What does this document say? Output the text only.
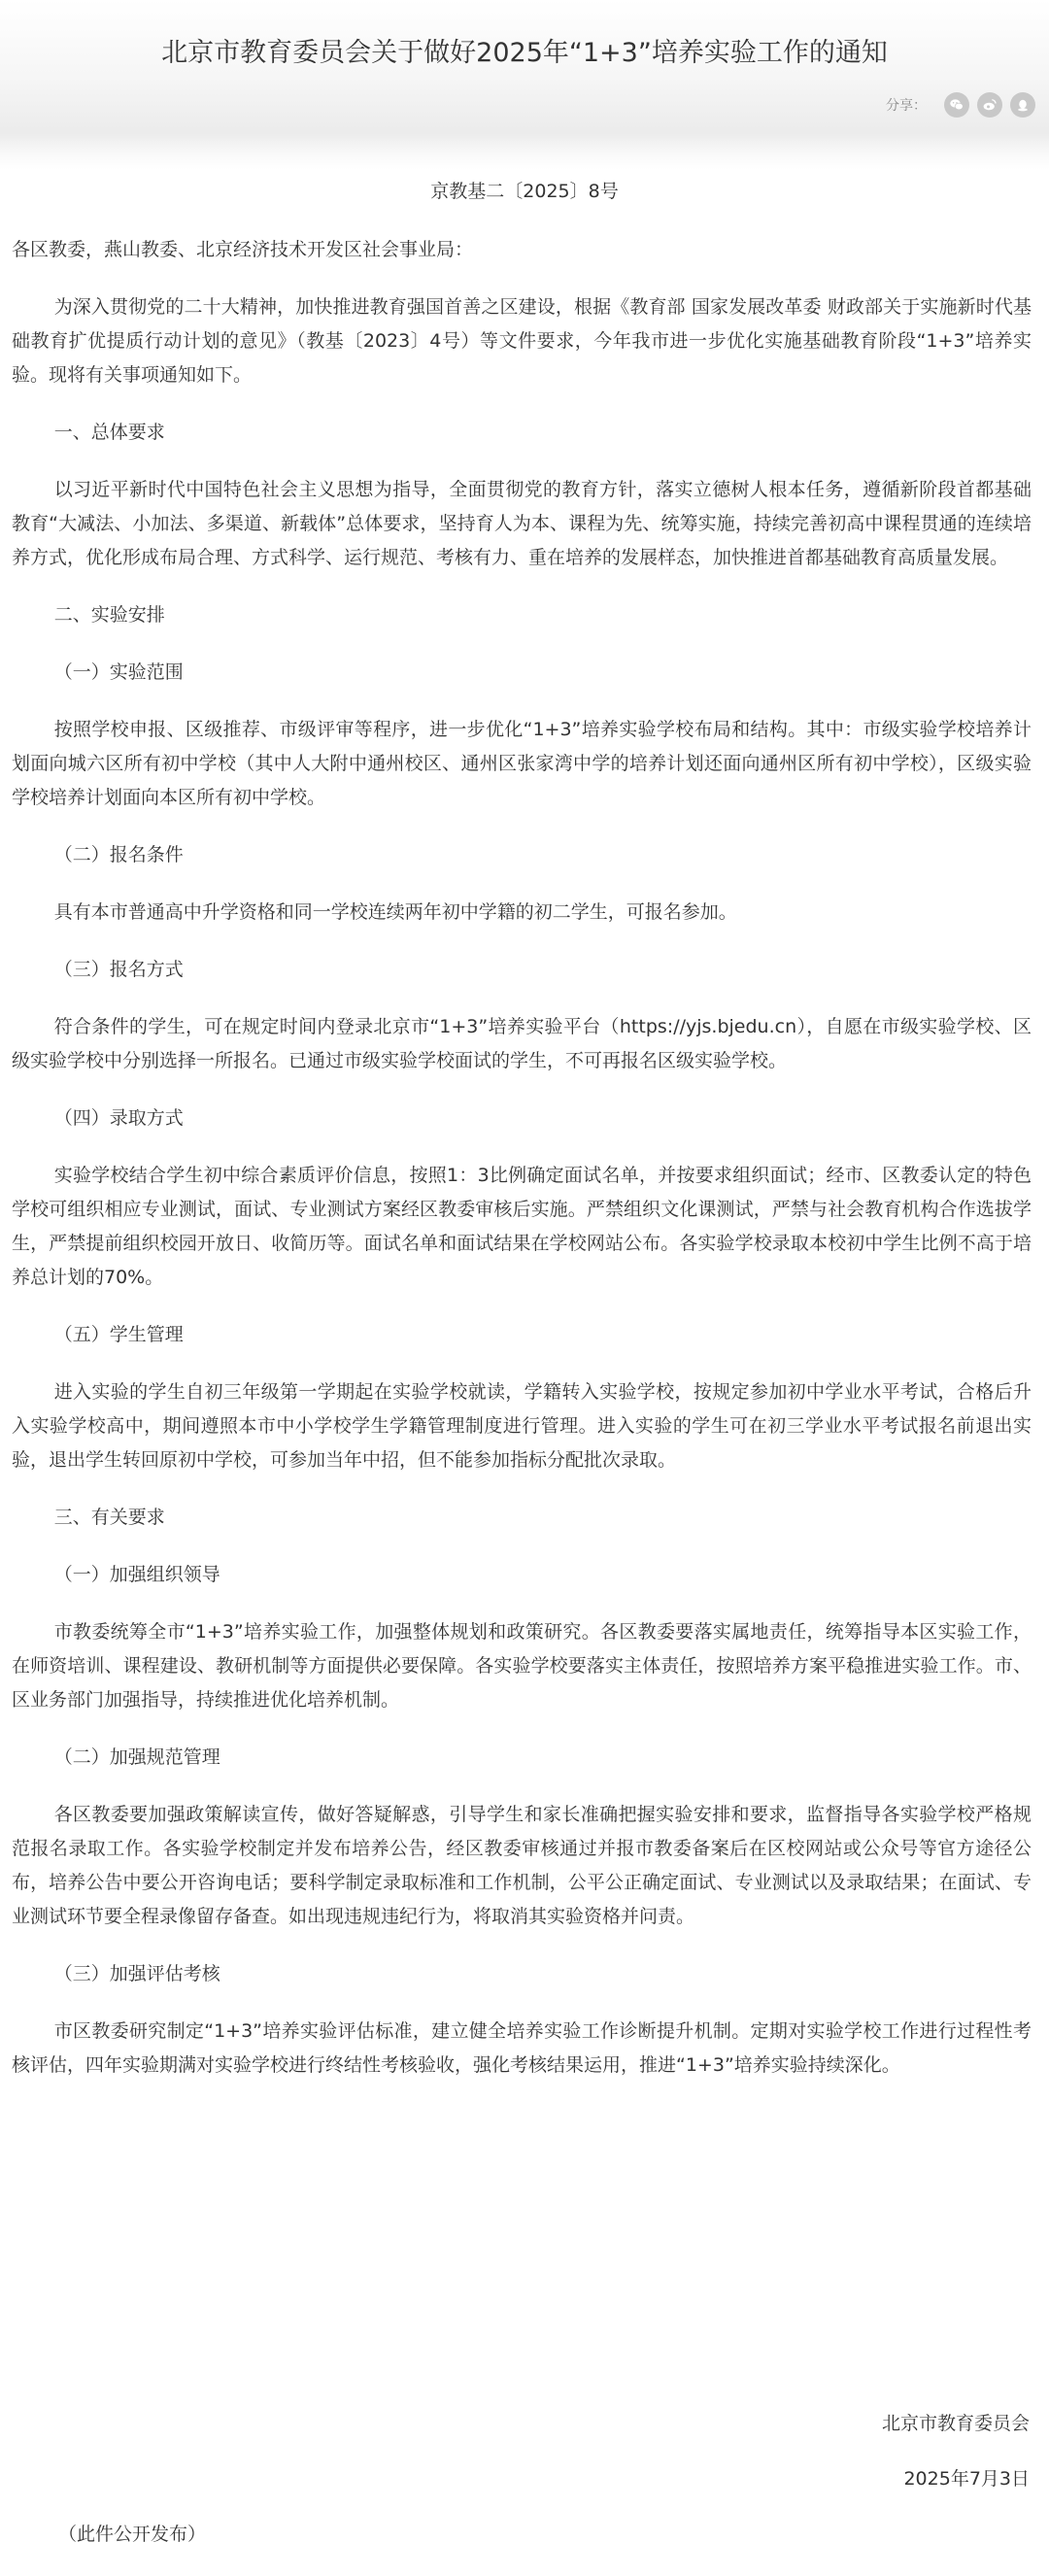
北京市教育委员会关于做好2025年“1+3”培养实验工作的通知
分享：
京教基二〔2025〕8号

各区教委，燕山教委、北京经济技术开发区社会事业局：

为深入贯彻党的二十大精神，加快推进教育强国首善之区建设，根据《教育部 国家发展改革委 财政部关于实施新时代基础教育扩优提质行动计划的意见》（教基〔2023〕4号）等文件要求，今年我市进一步优化实施基础教育阶段“1+3”培养实验。现将有关事项通知如下。

一、总体要求

以习近平新时代中国特色社会主义思想为指导，全面贯彻党的教育方针，落实立德树人根本任务，遵循新阶段首都基础教育“大减法、小加法、多渠道、新载体”总体要求，坚持育人为本、课程为先、统筹实施，持续完善初高中课程贯通的连续培养方式，优化形成布局合理、方式科学、运行规范、考核有力、重在培养的发展样态，加快推进首都基础教育高质量发展。

二、实验安排

（一）实验范围

按照学校申报、区级推荐、市级评审等程序，进一步优化“1+3”培养实验学校布局和结构。其中：市级实验学校培养计划面向城六区所有初中学校（其中人大附中通州校区、通州区张家湾中学的培养计划还面向通州区所有初中学校），区级实验学校培养计划面向本区所有初中学校。

（二）报名条件

具有本市普通高中升学资格和同一学校连续两年初中学籍的初二学生，可报名参加。

（三）报名方式

符合条件的学生，可在规定时间内登录北京市“1+3”培养实验平台（https://yjs.bjedu.cn），自愿在市级实验学校、区级实验学校中分别选择一所报名。已通过市级实验学校面试的学生，不可再报名区级实验学校。

（四）录取方式

实验学校结合学生初中综合素质评价信息，按照1：3比例确定面试名单，并按要求组织面试；经市、区教委认定的特色学校可组织相应专业测试，面试、专业测试方案经区教委审核后实施。严禁组织文化课测试，严禁与社会教育机构合作选拔学生，严禁提前组织校园开放日、收简历等。面试名单和面试结果在学校网站公布。各实验学校录取本校初中学生比例不高于培养总计划的70%。

（五）学生管理

进入实验的学生自初三年级第一学期起在实验学校就读，学籍转入实验学校，按规定参加初中学业水平考试，合格后升入实验学校高中，期间遵照本市中小学校学生学籍管理制度进行管理。进入实验的学生可在初三学业水平考试报名前退出实验，退出学生转回原初中学校，可参加当年中招，但不能参加指标分配批次录取。

三、有关要求

（一）加强组织领导

市教委统筹全市“1+3”培养实验工作，加强整体规划和政策研究。各区教委要落实属地责任，统筹指导本区实验工作，在师资培训、课程建设、教研机制等方面提供必要保障。各实验学校要落实主体责任，按照培养方案平稳推进实验工作。市、区业务部门加强指导，持续推进优化培养机制。

（二）加强规范管理

各区教委要加强政策解读宣传，做好答疑解惑，引导学生和家长准确把握实验安排和要求，监督指导各实验学校严格规范报名录取工作。各实验学校制定并发布培养公告，经区教委审核通过并报市教委备案后在区校网站或公众号等官方途径公布，培养公告中要公开咨询电话；要科学制定录取标准和工作机制，公平公正确定面试、专业测试以及录取结果；在面试、专业测试环节要全程录像留存备查。如出现违规违纪行为，将取消其实验资格并问责。

（三）加强评估考核

市区教委研究制定“1+3”培养实验评估标准，建立健全培养实验工作诊断提升机制。定期对实验学校工作进行过程性考核评估，四年实验期满对实验学校进行终结性考核验收，强化考核结果运用，推进“1+3”培养实验持续深化。

北京市教育委员会
2025年7月3日
（此件公开发布）
